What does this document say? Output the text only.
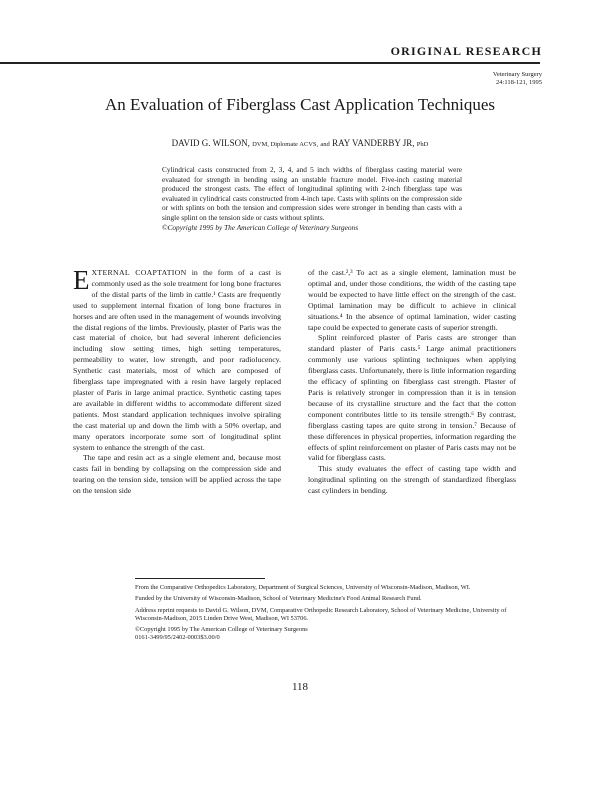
ORIGINAL RESEARCH
Veterinary Surgery
24:118-121, 1995
An Evaluation of Fiberglass Cast Application Techniques
DAVID G. WILSON, DVM, Diplomate ACVS, and RAY VANDERBY JR, PhD
Cylindrical casts constructed from 2, 3, 4, and 5 inch widths of fiberglass casting material were evaluated for strength in bending using an unstable fracture model. Five-inch casting material produced the strongest casts. The effect of longitudinal splinting with 2-inch fiberglass tape was evaluated in cylindrical casts constructed from 4-inch tape. Casts with splints on the compression side or with splints on both the tension and compression sides were stronger in bending than casts with a single splint on the tension side or casts without splints.
©Copyright 1995 by The American College of Veterinary Surgeons

EXTERNAL COAPTATION in the form of a cast is commonly used as the sole treatment for long bone fractures of the distal parts of the limb in cattle.¹ Casts are frequently used to supplement internal fixation of long bone fractures in horses and are often used in the management of wounds involving the distal regions of the limbs. Previously, plaster of Paris was the cast material of choice, but had several inherent deficiencies including slow setting times, high setting temperatures, permeability to water, low strength, and poor radiolucency. Synthetic cast materials, most of which are composed of fiberglass tape impregnated with a resin have largely replaced plaster of Paris in large animal practice. Synthetic casting tapes are available in different widths to accommodate different sized patients. Most standard application techniques involve spiraling the cast material up and down the limb with a 50% overlap, and many operators incorporate some sort of longitudinal splint system to enhance the strength of the cast.

The tape and resin act as a single element and, because most casts fail in bending by collapsing on the compression side and tearing on the tension side, tension will be applied across the tape on the tension side

of the cast.²,³ To act as a single element, lamination must be optimal and, under those conditions, the width of the casting tape would be expected to have little effect on the strength of the cast. Optimal lamination may be difficult to achieve in clinical situations.⁴ In the absence of optimal lamination, wider casting tape could be expected to generate casts of superior strength.

Splint reinforced plaster of Paris casts are stronger than standard plaster of Paris casts.⁵ Large animal practitioners commonly use various splinting techniques when applying fiberglass casts. Unfortunately, there is little information regarding the efficacy of splinting on fiberglass cast strength. Plaster of Paris is relatively stronger in compression than it is in tension because of its crystalline structure and the fact that the cotton component contributes little to its tensile strength.⁶ By contrast, fiberglass casting tapes are quite strong in tension.⁷ Because of these differences in physical properties, information regarding the effects of splint reinforcement on plaster of Paris casts may not be valid for fiberglass casts.

This study evaluates the effect of casting tape width and longitudinal splinting on the strength of standardized fiberglass cast cylinders in bending.

From the Comparative Orthopedics Laboratory, Department of Surgical Sciences, University of Wisconsin-Madison, Madison, WI.

Funded by the University of Wisconsin-Madison, School of Veterinary Medicine's Food Animal Research Fund.

Address reprint requests to David G. Wilson, DVM, Comparative Orthopedic Research Laboratory, School of Veterinary Medicine, University of Wisconsin-Madison, 2015 Linden Drive West, Madison, WI 53706.

©Copyright 1995 by The American College of Veterinary Surgeons

0161-3499/95/2402-0003$3.00/0

118
